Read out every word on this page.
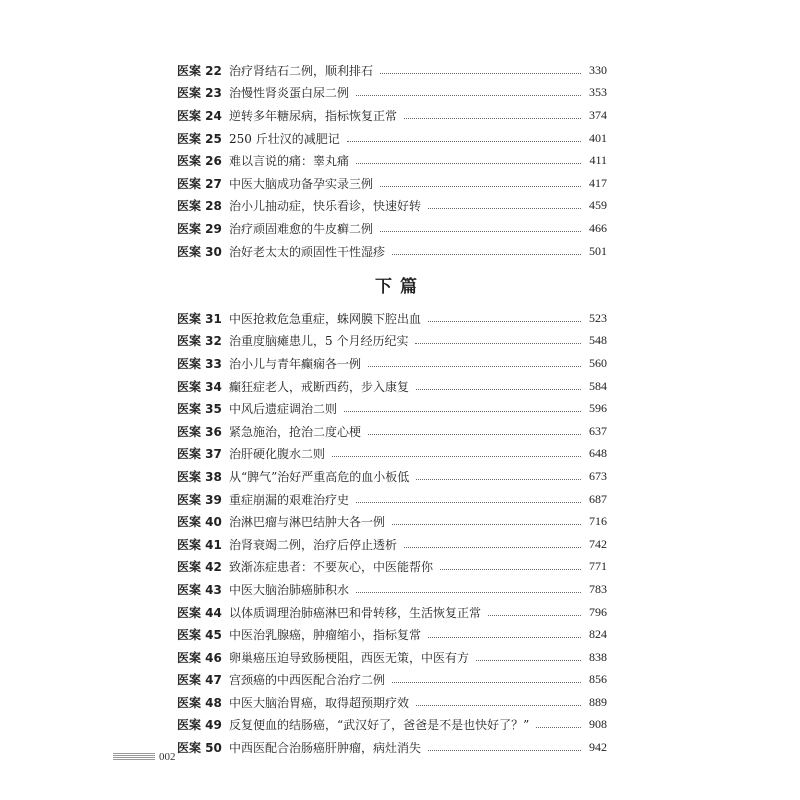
医案 22 治疗肾结石二例，顺利排石	330
医案 23 治慢性肾炎蛋白尿二例	353
医案 24 逆转多年糖尿病，指标恢复正常	374
医案 25 250 斤壮汉的减肥记	401
医案 26 难以言说的痛：睾丸痛	411
医案 27 中医大脑成功备孕实录三例	417
医案 28 治小儿抽动症，快乐看诊，快速好转	459
医案 29 治疗顽固难愈的牛皮癣二例	466
医案 30 治好老太太的顽固性干性湿疹	501
下篇
医案 31 中医抢救危急重症，蛛网膜下腔出血	523
医案 32 治重度脑瘫患儿，5 个月经历纪实	548
医案 33 治小儿与青年癫痫各一例	560
医案 34 癫狂症老人，戒断西药，步入康复	584
医案 35 中风后遗症调治二则	596
医案 36 紧急施治，抢治二度心梗	637
医案 37 治肝硬化腹水二则	648
医案 38 从“脾气”治好严重高危的血小板低	673
医案 39 重症崩漏的艰难治疗史	687
医案 40 治淋巴瘤与淋巴结肿大各一例	716
医案 41 治肾衰竭二例，治疗后停止透析	742
医案 42 致渐冻症患者：不要灰心，中医能帮你	771
医案 43 中医大脑治肺癌肺积水	783
医案 44 以体质调理治肺癌淋巴和骨转移，生活恢复正常	796
医案 45 中医治乳腺癌，肿瘤缩小，指标复常	824
医案 46 卵巢癌压迫导致肠梗阻，西医无策，中医有方	838
医案 47 宫颈癌的中西医配合治疗二例	856
医案 48 中医大脑治胃癌，取得超预期疗效	889
医案 49 反复便血的结肠癌，“武汉好了，爸爸是不是也快好了？”	908
医案 50 中西医配合治肠癌肝肿瘤，病灶消失	942
002
